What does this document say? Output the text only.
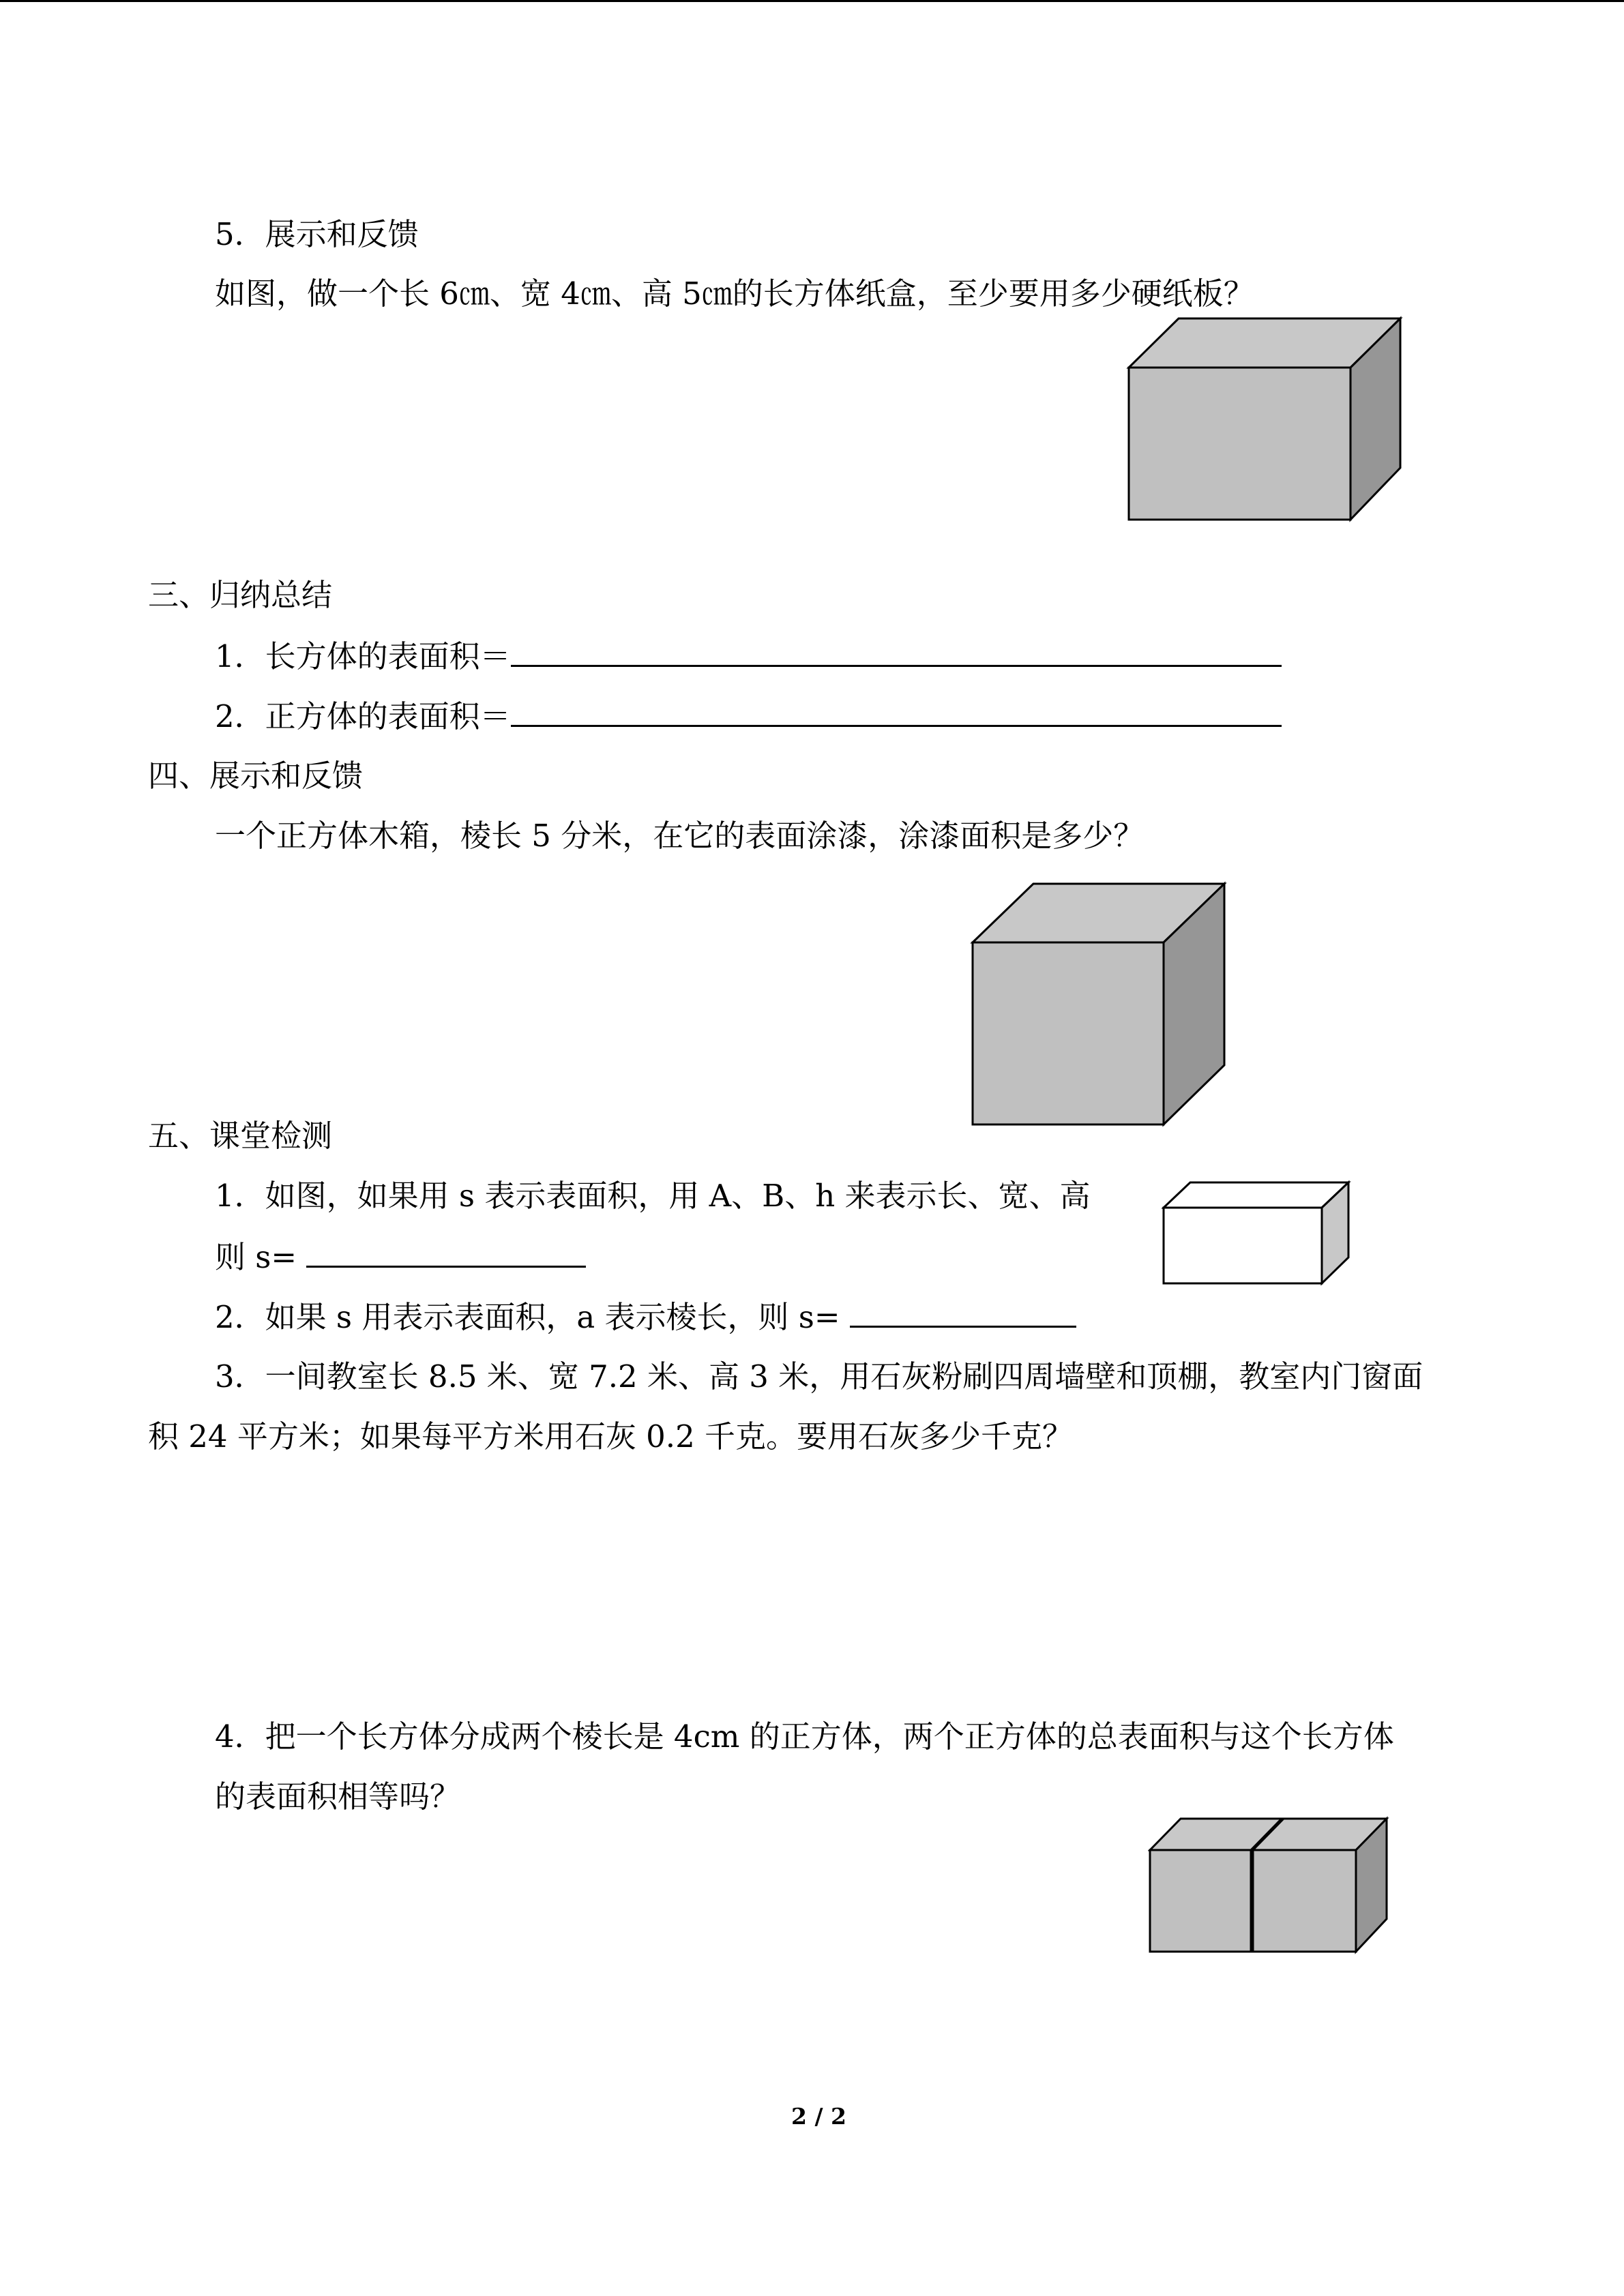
5．展示和反馈
如图，做一个长 6㎝、宽 4㎝、高 5㎝的长方体纸盒，至少要用多少硬纸板？
三、归纳总结
1．长方体的表面积＝
2．正方体的表面积＝
四、展示和反馈
一个正方体木箱，棱长 5 分米，在它的表面涂漆，涂漆面积是多少？
五、课堂检测
1．如图，如果用 s 表示表面积，用 A、B、h 来表示长、宽、高
则 s=
2．如果 s 用表示表面积，a 表示棱长，则 s=
3．一间教室长 8.5 米、宽 7.2 米、高 3 米，用石灰粉刷四周墙壁和顶棚，教室内门窗面
积 24 平方米；如果每平方米用石灰 0.2 千克。要用石灰多少千克？
4．把一个长方体分成两个棱长是 4cm 的正方体，两个正方体的总表面积与这个长方体
的表面积相等吗？
2 / 2
